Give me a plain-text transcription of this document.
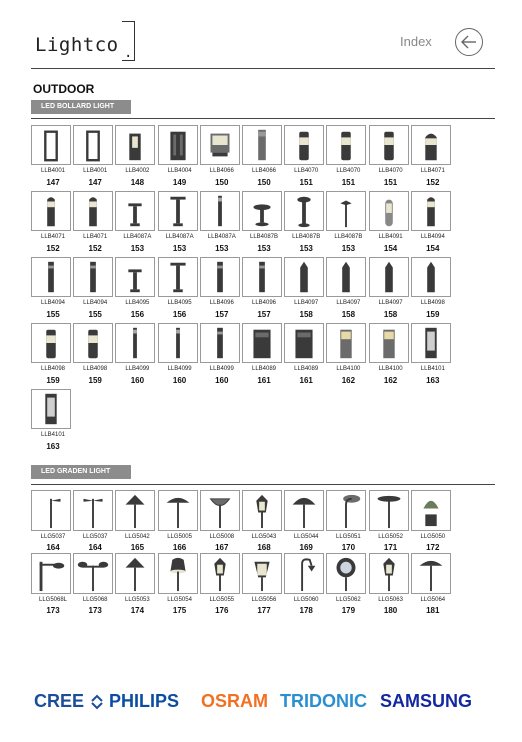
Lightco .
Index
OUTDOOR
LED BOLLARD LIGHT
LLB4001
147
LLB4001
147
LLB4002
148
LLB4004
149
LLB4066
150
LLB4066
150
LLB4070
151
LLB4070
151
LLB4070
151
LLB4071
152
LLB4071
152
LLB4071
152
LLB4087A
153
LLB4087A
153
LLB4087A
153
LLB4087B
153
LLB4087B
153
LLB4087B
153
LLB4091
154
LLB4094
154
LLB4094
155
LLB4094
155
LLB4095
156
LLB4095
156
LLB4096
157
LLB4096
157
LLB4097
158
LLB4097
158
LLB4097
158
LLB4098
159
LLB4098
159
LLB4098
159
LLB4099
160
LLB4099
160
LLB4099
160
LLB4089
161
LLB4089
161
LLB4100
162
LLB4100
162
LLB4101
163
LLB4101
163
LED GRADEN LIGHT
LLG5037
164
LLG5037
164
LLG5042
165
LLG5005
166
LLG5008
167
LLG5043
168
LLG5044
169
LLG5051
170
LLG5052
171
LLG5050
172
LLG5068L
173
LLG5068
173
LLG5053
174
LLG5054
175
LLG5055
176
LLG5056
177
LLG5060
178
LLG5062
179
LLG5063
180
LLG5064
181
CREE PHILIPS OSRAM TRIDONIC SAMSUNG
